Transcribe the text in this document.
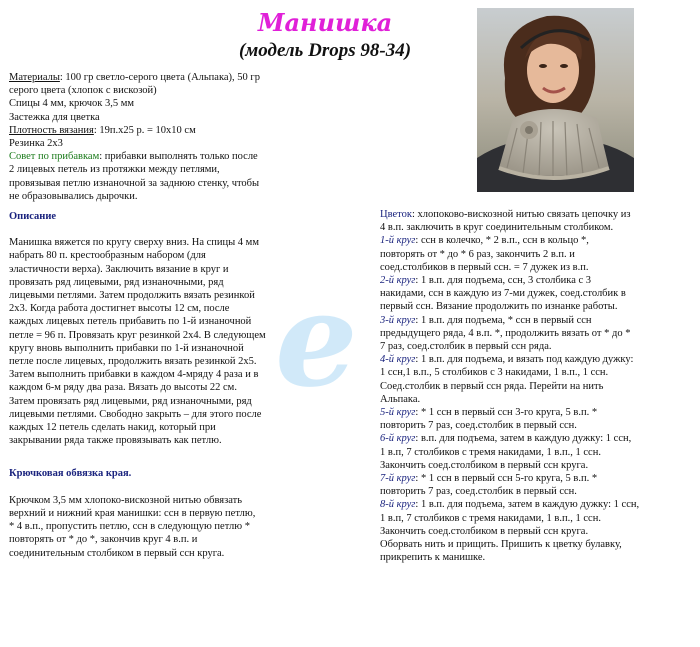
e
Манишка
(модель Drops 98-34)

Материалы: 100 гр светло-серого цвета (Альпака), 50 гр

серого цвета (хлопок с вискозой)

Спицы 4 мм, крючок 3,5 мм

Застежка для цветка

Плотность вязания: 19п.x25 р. = 10x10 см

Резинка 2x3

Совет по прибавкам: прибавки выполнять только после

2 лицевых петель из протяжки между петлями,

провязывая петлю изнаночной за заднюю стенку, чтобы

не образовывались дырочки.

Описание

Манишка вяжется по кругу сверху вниз. На спицы 4 мм

набрать 80 п. крестообразным набором (для

эластичности верха). Заключить вязание в круг и

провязать ряд лицевыми, ряд изнаночными, ряд

лицевыми петлями. Затем продолжить вязать резинкой

2x3. Когда работа достигнет высоты 12 см, после

каждых лицевых петель прибавить по 1-й изнаночной

петле = 96 п. Провязать круг резинкой 2x4. В следующем

кругу вновь выполнить прибавки по 1-й изнаночной

петле после лицевых, продолжить вязать резинкой 2x5.

Затем выполнить прибавки в каждом 4-мряду 4 раза и в

каждом 6-м ряду два раза. Вязать до высоты 22 см.

Затем провязать ряд лицевыми, ряд изнаночными, ряд

лицевыми петлями. Свободно закрыть – для этого после

каждых 12 петель сделать накид, который при

закрывании ряда также провязывать как петлю.

Крючковая обвязка края.

Крючком 3,5 мм хлопоко-вискозной нитью обвязать

верхний и нижний края манишки: ссн в первую петлю,

* 4 в.п., пропустить петлю, ссн в следующую петлю *

повторять от * до *, закончив круг 4 в.п. и

соединительным столбиком в первый ссн круга.

Цветок: хлопоково-вискозной нитью связать цепочку из

4 в.п. заключить в круг соединительным столбиком.

1-й круг: ссн в колечко, * 2 в.п., ссн в кольцо *,

повторять от * до * 6 раз, закончить 2 в.п. и

соед.столбиков в первый ссн. = 7 дужек из в.п.

2-й круг: 1 в.п. для подъема, ссн, 3 столбика с 3

накидами, ссн в каждую из 7-ми дужек, соед.столбик в

первый ссн. Вязание продолжить по изнанке работы.

3-й круг: 1 в.п. для подъема, * ссн в первый ссн

предыдущего ряда, 4 в.п. *, продолжить вязать от * до *

7 раз, соед.столбик в первый ссн ряда.

4-й круг: 1 в.п. для подъема, и вязать под каждую дужку:

1 ссн,1 в.п., 5 столбиков с 3 накидами, 1 в.п., 1 ссн.

Соед.столбик в первый ссн ряда. Перейти на нить

Альпака.

5-й круг: * 1 ссн в первый ссн 3-го круга, 5 в.п. *

повторить 7 раз, соед.столбик в первый ссн.

6-й круг: в.п. для подъема, затем в каждую дужку: 1 ссн,

1 в.п, 7 столбиков с тремя накидами, 1 в.п., 1 ссн.

Закончить соед.столбиком в первый ссн круга.

7-й круг: * 1 ссн в первый ссн 5-го круга, 5 в.п. *

повторить 7 раз, соед.столбик в первый ссн.

8-й круг: 1 в.п. для подъема, затем в каждую дужку: 1 ссн,

1 в.п, 7 столбиков с тремя накидами, 1 в.п., 1 ссн.

Закончить соед.столбиком в первый ссн круга.

Оборвать нить и прищить. Пришить к цветку булавку,

прикрепить к манишке.
